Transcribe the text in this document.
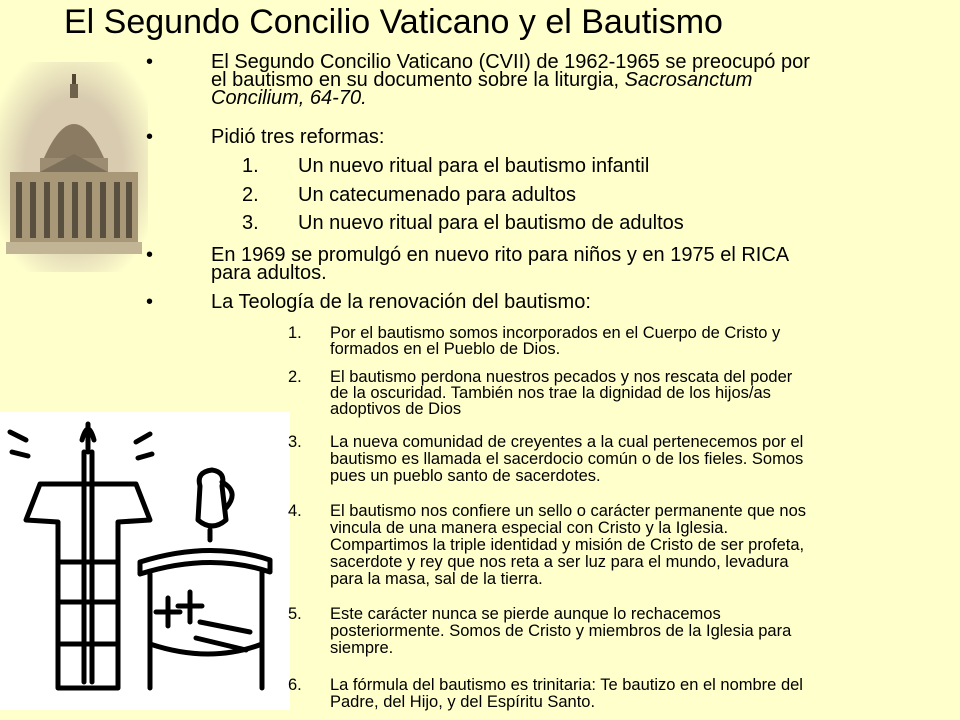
El Segundo Concilio Vaticano y el Bautismo
•	El Segundo Concilio Vaticano (CVII) de 1962-1965 se preocupó por
el bautismo en su documento sobre la liturgia, Sacrosanctum
Concilium, 64-70.
•	Pidió tres reformas:
1. Un nuevo ritual para el bautismo infantil
2. Un catecumenado para adultos
3. Un nuevo ritual para el bautismo de adultos
•	En 1969 se promulgó en nuevo rito para niños y en 1975 el RICA
para adultos.
•	La Teología de la renovación del bautismo:
1. Por el bautismo somos incorporados en el Cuerpo de Cristo y
formados en el Pueblo de Dios.
2. El bautismo perdona nuestros pecados y nos rescata del poder
de la oscuridad. También nos trae la dignidad de los hijos/as
adoptivos de Dios
3. La nueva comunidad de creyentes a la cual pertenecemos por el
bautismo es llamada el sacerdocio común o de los fieles. Somos
pues un pueblo santo de sacerdotes.
4. El bautismo nos confiere un sello o carácter permanente que nos
vincula de una manera especial con Cristo y la Iglesia.
Compartimos la triple identidad y misión de Cristo de ser profeta,
sacerdote y rey que nos reta a ser luz para el mundo, levadura
para la masa, sal de la tierra.
5. Este carácter nunca se pierde aunque lo rechacemos
posteriormente. Somos de Cristo y miembros de la Iglesia para
siempre.
6. La fórmula del bautismo es trinitaria: Te bautizo en el nombre del
Padre, del Hijo, y del Espíritu Santo.
